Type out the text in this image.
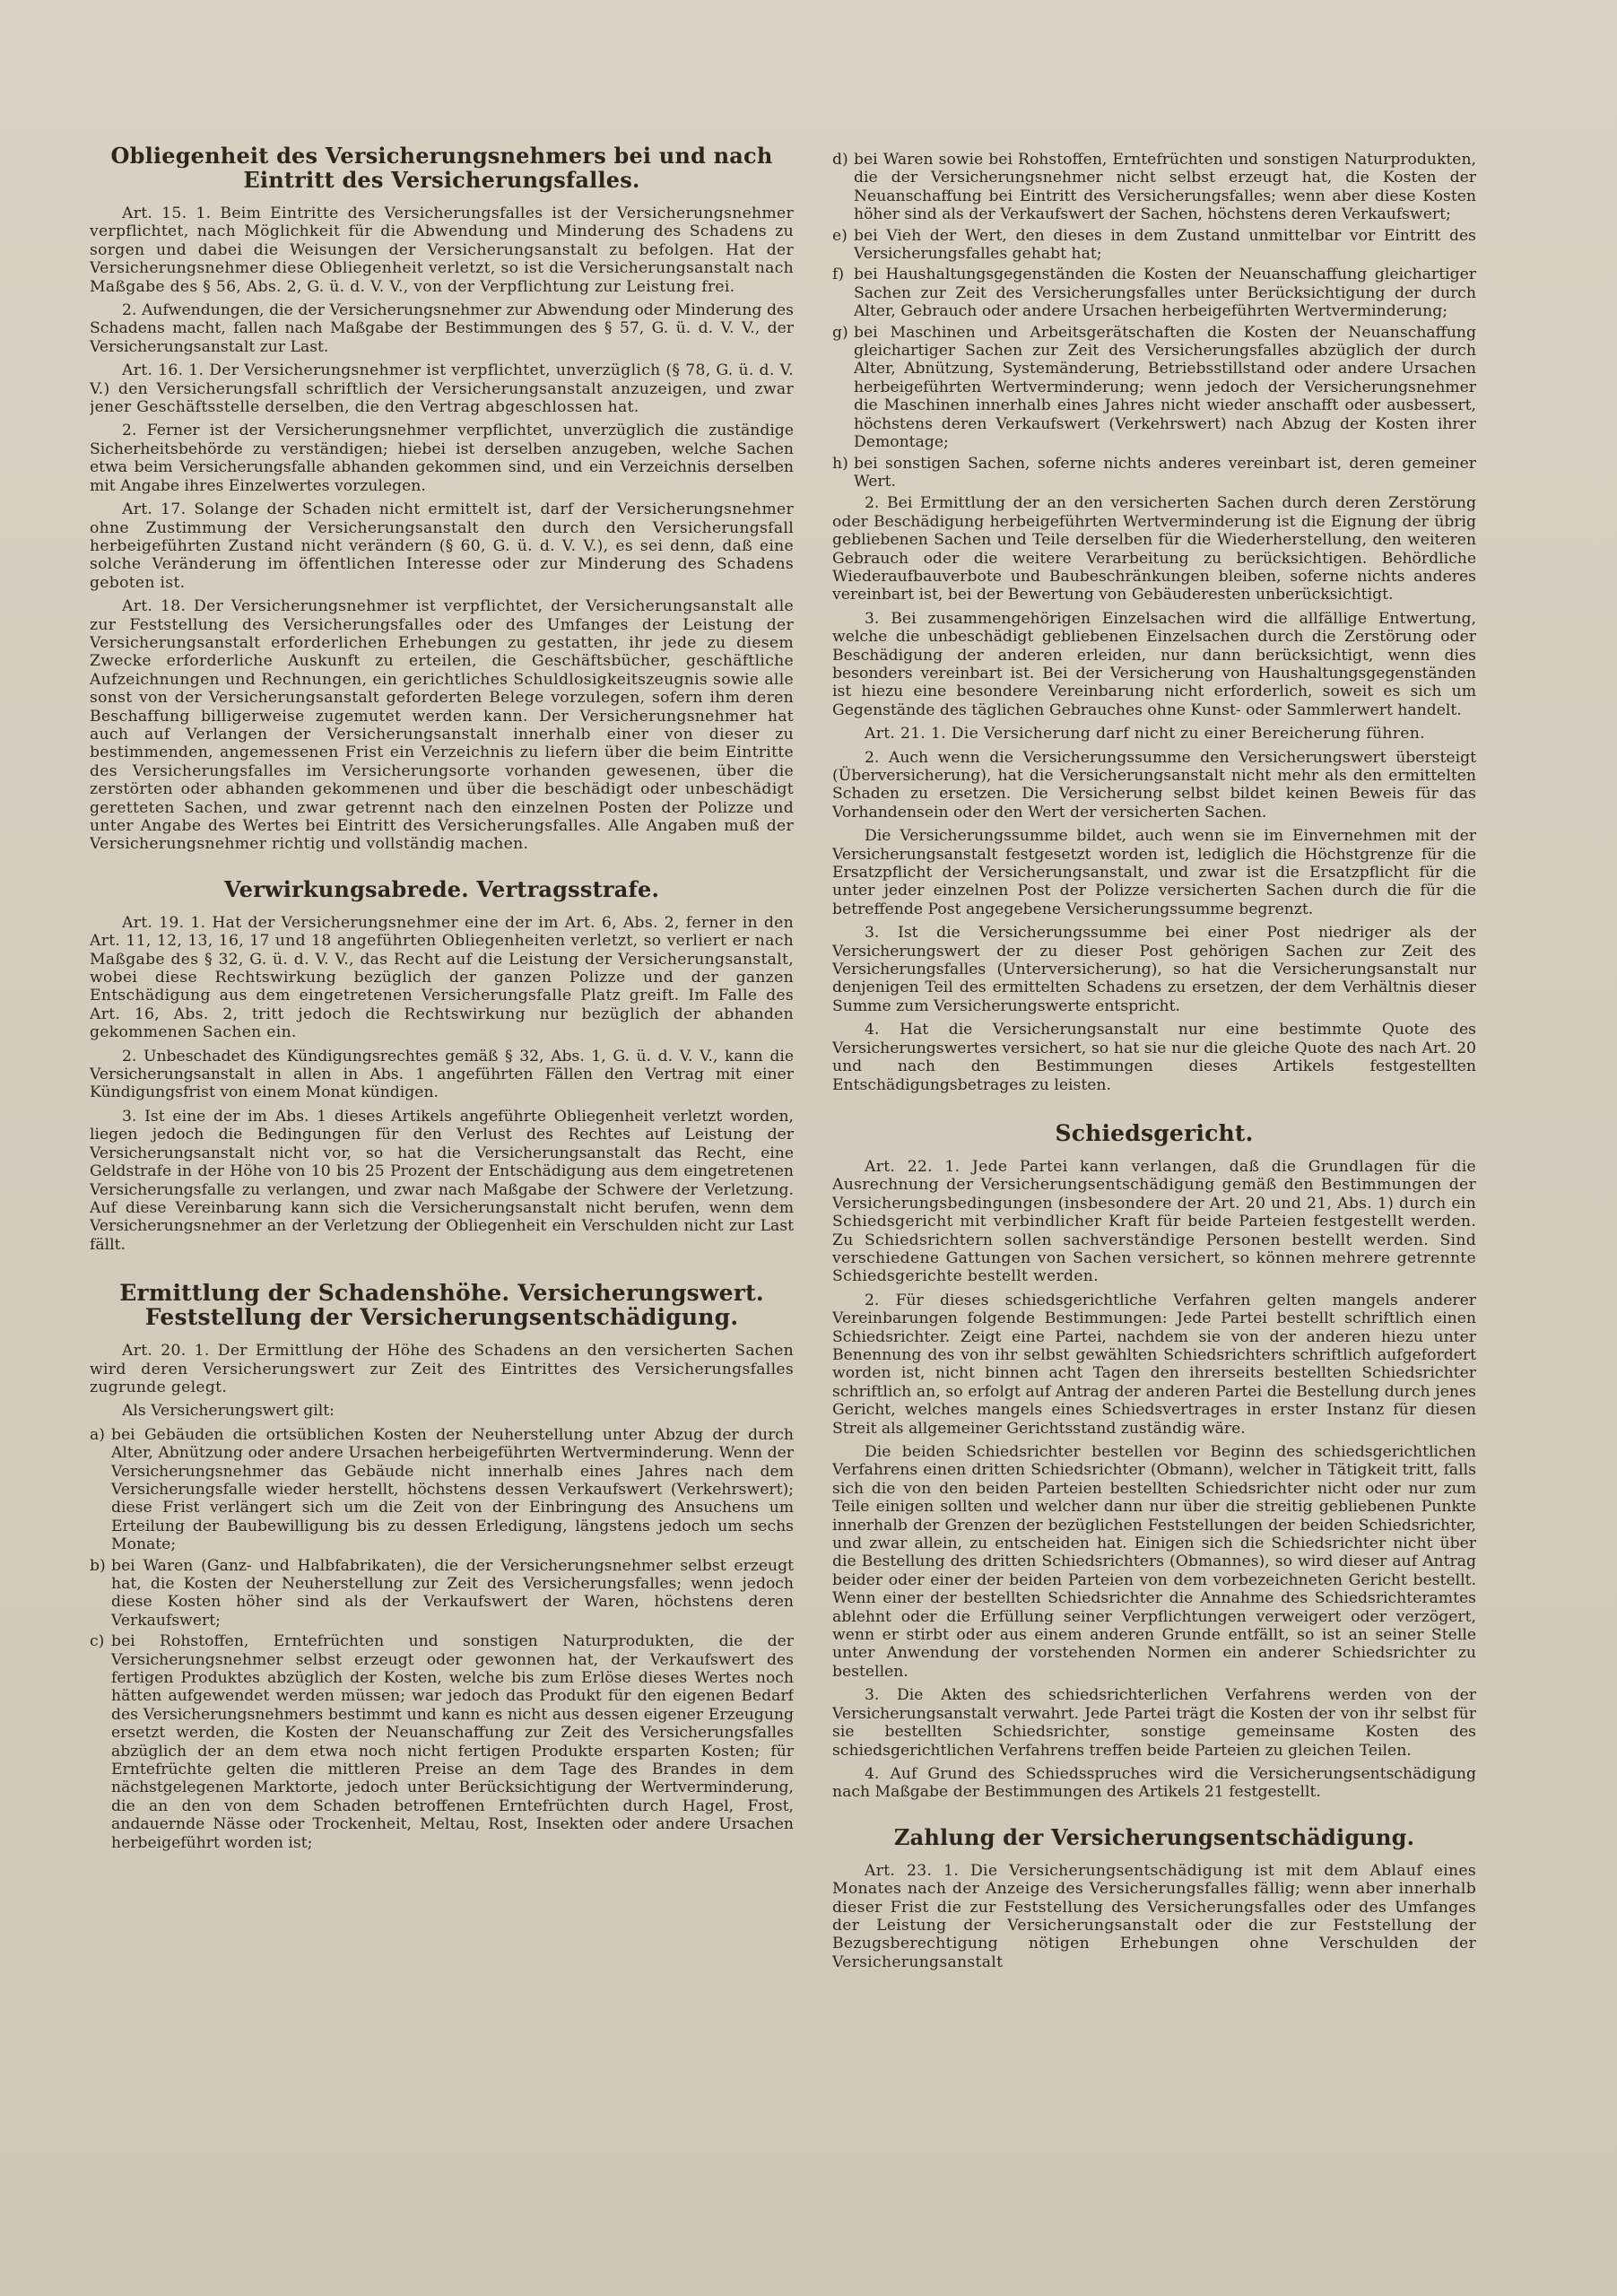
Obliegenheit des Versicherungsnehmers bei und nach Eintritt des Versicherungsfalles.

Art. 15. 1. Beim Eintritte des Versicherungsfalles ist der Versicherungsnehmer verpflichtet, nach Möglichkeit für die Abwendung und Minderung des Schadens zu sorgen und dabei die Weisungen der Versicherungsanstalt zu befolgen. Hat der Versicherungsnehmer diese Obliegenheit verletzt, so ist die Versicherungsanstalt nach Maßgabe des § 56, Abs. 2, G. ü. d. V. V., von der Verpflichtung zur Leistung frei.

2. Aufwendungen, die der Versicherungsnehmer zur Abwendung oder Minderung des Schadens macht, fallen nach Maßgabe der Bestimmungen des § 57, G. ü. d. V. V., der Versicherungsanstalt zur Last.

Art. 16. 1. Der Versicherungsnehmer ist verpflichtet, unverzüglich (§ 78, G. ü. d. V. V.) den Versicherungsfall schriftlich der Versicherungsanstalt anzuzeigen, und zwar jener Geschäftsstelle derselben, die den Vertrag abgeschlossen hat.

2. Ferner ist der Versicherungsnehmer verpflichtet, unverzüglich die zuständige Sicherheitsbehörde zu verständigen; hiebei ist derselben anzugeben, welche Sachen etwa beim Versicherungsfalle abhanden gekommen sind, und ein Verzeichnis derselben mit Angabe ihres Einzelwertes vorzulegen.

Art. 17. Solange der Schaden nicht ermittelt ist, darf der Versicherungsnehmer ohne Zustimmung der Versicherungsanstalt den durch den Versicherungsfall herbeigeführten Zustand nicht verändern (§ 60, G. ü. d. V. V.), es sei denn, daß eine solche Veränderung im öffentlichen Interesse oder zur Minderung des Schadens geboten ist.

Art. 18. Der Versicherungsnehmer ist verpflichtet, der Versicherungsanstalt alle zur Feststellung des Versicherungsfalles oder des Umfanges der Leistung der Versicherungsanstalt erforderlichen Erhebungen zu gestatten, ihr jede zu diesem Zwecke erforderliche Auskunft zu erteilen, die Geschäftsbücher, geschäftliche Aufzeichnungen und Rechnungen, ein gerichtliches Schuldlosigkeitszeugnis sowie alle sonst von der Versicherungsanstalt geforderten Belege vorzulegen, sofern ihm deren Beschaffung billigerweise zugemutet werden kann. Der Versicherungsnehmer hat auch auf Verlangen der Versicherungsanstalt innerhalb einer von dieser zu bestimmenden, angemessenen Frist ein Verzeichnis zu liefern über die beim Eintritte des Versicherungsfalles im Versicherungsorte vorhanden gewesenen, über die zerstörten oder abhanden gekommenen und über die beschädigt oder unbeschädigt geretteten Sachen, und zwar getrennt nach den einzelnen Posten der Polizze und unter Angabe des Wertes bei Eintritt des Versicherungsfalles. Alle Angaben muß der Versicherungsnehmer richtig und vollständig machen.

Verwirkungsabrede. Vertragsstrafe.

Art. 19. 1. Hat der Versicherungsnehmer eine der im Art. 6, Abs. 2, ferner in den Art. 11, 12, 13, 16, 17 und 18 angeführten Obliegenheiten verletzt, so verliert er nach Maßgabe des § 32, G. ü. d. V. V., das Recht auf die Leistung der Versicherungsanstalt, wobei diese Rechtswirkung bezüglich der ganzen Polizze und der ganzen Entschädigung aus dem eingetretenen Versicherungsfalle Platz greift. Im Falle des Art. 16, Abs. 2, tritt jedoch die Rechtswirkung nur bezüglich der abhanden gekommenen Sachen ein.

2. Unbeschadet des Kündigungsrechtes gemäß § 32, Abs. 1, G. ü. d. V. V., kann die Versicherungsanstalt in allen in Abs. 1 angeführten Fällen den Vertrag mit einer Kündigungsfrist von einem Monat kündigen.

3. Ist eine der im Abs. 1 dieses Artikels angeführte Obliegenheit verletzt worden, liegen jedoch die Bedingungen für den Verlust des Rechtes auf Leistung der Versicherungsanstalt nicht vor, so hat die Versicherungsanstalt das Recht, eine Geldstrafe in der Höhe von 10 bis 25 Prozent der Entschädigung aus dem eingetretenen Versicherungsfalle zu verlangen, und zwar nach Maßgabe der Schwere der Verletzung. Auf diese Vereinbarung kann sich die Versicherungsanstalt nicht berufen, wenn dem Versicherungsnehmer an der Verletzung der Obliegenheit ein Verschulden nicht zur Last fällt.

Ermittlung der Schadenshöhe. Versicherungswert. Feststellung der Versicherungsentschädigung.

Art. 20. 1. Der Ermittlung der Höhe des Schadens an den versicherten Sachen wird deren Versicherungswert zur Zeit des Eintrittes des Versicherungsfalles zugrunde gelegt.

Als Versicherungswert gilt:

a) bei Gebäuden die ortsüblichen Kosten der Neuherstellung unter Abzug der durch Alter, Abnützung oder andere Ursachen herbeigeführten Wertverminderung. Wenn der Versicherungsnehmer das Gebäude nicht innerhalb eines Jahres nach dem Versicherungsfalle wieder herstellt, höchstens dessen Verkaufswert (Verkehrswert); diese Frist verlängert sich um die Zeit von der Einbringung des Ansuchens um Erteilung der Baubewilligung bis zu dessen Erledigung, längstens jedoch um sechs Monate;
b) bei Waren (Ganz- und Halbfabrikaten), die der Versicherungsnehmer selbst erzeugt hat, die Kosten der Neuherstellung zur Zeit des Versicherungsfalles; wenn jedoch diese Kosten höher sind als der Verkaufswert der Waren, höchstens deren Verkaufswert;
c) bei Rohstoffen, Erntefrüchten und sonstigen Naturprodukten, die der Versicherungsnehmer selbst erzeugt oder gewonnen hat, der Verkaufswert des fertigen Produktes abzüglich der Kosten, welche bis zum Erlöse dieses Wertes noch hätten aufgewendet werden müssen; war jedoch das Produkt für den eigenen Bedarf des Versicherungsnehmers bestimmt und kann es nicht aus dessen eigener Erzeugung ersetzt werden, die Kosten der Neuanschaffung zur Zeit des Versicherungsfalles abzüglich der an dem etwa noch nicht fertigen Produkte ersparten Kosten; für Erntefrüchte gelten die mittleren Preise an dem Tage des Brandes in dem nächstgelegenen Marktorte, jedoch unter Berücksichtigung der Wertverminderung, die an den von dem Schaden betroffenen Erntefrüchten durch Hagel, Frost, andauernde Nässe oder Trockenheit, Meltau, Rost, Insekten oder andere Ursachen herbeigeführt worden ist;
d) bei Waren sowie bei Rohstoffen, Erntefrüchten und sonstigen Naturprodukten, die der Versicherungsnehmer nicht selbst erzeugt hat, die Kosten der Neuanschaffung bei Eintritt des Versicherungsfalles; wenn aber diese Kosten höher sind als der Verkaufswert der Sachen, höchstens deren Verkaufswert;
e) bei Vieh der Wert, den dieses in dem Zustand unmittelbar vor Eintritt des Versicherungsfalles gehabt hat;
f) bei Haushaltungsgegenständen die Kosten der Neuanschaffung gleichartiger Sachen zur Zeit des Versicherungsfalles unter Berücksichtigung der durch Alter, Gebrauch oder andere Ursachen herbeigeführten Wertverminderung;
g) bei Maschinen und Arbeitsgerätschaften die Kosten der Neuanschaffung gleichartiger Sachen zur Zeit des Versicherungsfalles abzüglich der durch Alter, Abnützung, Systemänderung, Betriebsstillstand oder andere Ursachen herbeigeführten Wertverminderung; wenn jedoch der Versicherungsnehmer die Maschinen innerhalb eines Jahres nicht wieder anschafft oder ausbessert, höchstens deren Verkaufswert (Verkehrswert) nach Abzug der Kosten ihrer Demontage;
h) bei sonstigen Sachen, soferne nichts anderes vereinbart ist, deren gemeiner Wert.

2. Bei Ermittlung der an den versicherten Sachen durch deren Zerstörung oder Beschädigung herbeigeführten Wertverminderung ist die Eignung der übrig gebliebenen Sachen und Teile derselben für die Wiederherstellung, den weiteren Gebrauch oder die weitere Verarbeitung zu berücksichtigen. Behördliche Wiederaufbauverbote und Baubeschränkungen bleiben, soferne nichts anderes vereinbart ist, bei der Bewertung von Gebäuderesten unberücksichtigt.

3. Bei zusammengehörigen Einzelsachen wird die allfällige Entwertung, welche die unbeschädigt gebliebenen Einzelsachen durch die Zerstörung oder Beschädigung der anderen erleiden, nur dann berücksichtigt, wenn dies besonders vereinbart ist. Bei der Versicherung von Haushaltungsgegenständen ist hiezu eine besondere Vereinbarung nicht erforderlich, soweit es sich um Gegenstände des täglichen Gebrauches ohne Kunst- oder Sammlerwert handelt.

Art. 21. 1. Die Versicherung darf nicht zu einer Bereicherung führen.

2. Auch wenn die Versicherungssumme den Versicherungswert übersteigt (Überversicherung), hat die Versicherungsanstalt nicht mehr als den ermittelten Schaden zu ersetzen. Die Versicherung selbst bildet keinen Beweis für das Vorhandensein oder den Wert der versicherten Sachen.

Die Versicherungssumme bildet, auch wenn sie im Einvernehmen mit der Versicherungsanstalt festgesetzt worden ist, lediglich die Höchstgrenze für die Ersatzpflicht der Versicherungsanstalt, und zwar ist die Ersatzpflicht für die unter jeder einzelnen Post der Polizze versicherten Sachen durch die für die betreffende Post angegebene Versicherungssumme begrenzt.

3. Ist die Versicherungssumme bei einer Post niedriger als der Versicherungswert der zu dieser Post gehörigen Sachen zur Zeit des Versicherungsfalles (Unterversicherung), so hat die Versicherungsanstalt nur denjenigen Teil des ermittelten Schadens zu ersetzen, der dem Verhältnis dieser Summe zum Versicherungswerte entspricht.

4. Hat die Versicherungsanstalt nur eine bestimmte Quote des Versicherungswertes versichert, so hat sie nur die gleiche Quote des nach Art. 20 und nach den Bestimmungen dieses Artikels festgestellten Entschädigungsbetrages zu leisten.

Schiedsgericht.

Art. 22. 1. Jede Partei kann verlangen, daß die Grundlagen für die Ausrechnung der Versicherungsentschädigung gemäß den Bestimmungen der Versicherungsbedingungen (insbesondere der Art. 20 und 21, Abs. 1) durch ein Schiedsgericht mit verbindlicher Kraft für beide Parteien festgestellt werden. Zu Schiedsrichtern sollen sachverständige Personen bestellt werden. Sind verschiedene Gattungen von Sachen versichert, so können mehrere getrennte Schiedsgerichte bestellt werden.

2. Für dieses schiedsgerichtliche Verfahren gelten mangels anderer Vereinbarungen folgende Bestimmungen: Jede Partei bestellt schriftlich einen Schiedsrichter. Zeigt eine Partei, nachdem sie von der anderen hiezu unter Benennung des von ihr selbst gewählten Schiedsrichters schriftlich aufgefordert worden ist, nicht binnen acht Tagen den ihrerseits bestellten Schiedsrichter schriftlich an, so erfolgt auf Antrag der anderen Partei die Bestellung durch jenes Gericht, welches mangels eines Schiedsvertrages in erster Instanz für diesen Streit als allgemeiner Gerichtsstand zuständig wäre.

Die beiden Schiedsrichter bestellen vor Beginn des schiedsgerichtlichen Verfahrens einen dritten Schiedsrichter (Obmann), welcher in Tätigkeit tritt, falls sich die von den beiden Parteien bestellten Schiedsrichter nicht oder nur zum Teile einigen sollten und welcher dann nur über die streitig gebliebenen Punkte innerhalb der Grenzen der bezüglichen Feststellungen der beiden Schiedsrichter, und zwar allein, zu entscheiden hat. Einigen sich die Schiedsrichter nicht über die Bestellung des dritten Schiedsrichters (Obmannes), so wird dieser auf Antrag beider oder einer der beiden Parteien von dem vorbezeichneten Gericht bestellt. Wenn einer der bestellten Schiedsrichter die Annahme des Schiedsrichteramtes ablehnt oder die Erfüllung seiner Verpflichtungen verweigert oder verzögert, wenn er stirbt oder aus einem anderen Grunde entfällt, so ist an seiner Stelle unter Anwendung der vorstehenden Normen ein anderer Schiedsrichter zu bestellen.

3. Die Akten des schiedsrichterlichen Verfahrens werden von der Versicherungsanstalt verwahrt. Jede Partei trägt die Kosten der von ihr selbst für sie bestellten Schiedsrichter, sonstige gemeinsame Kosten des schiedsgerichtlichen Verfahrens treffen beide Parteien zu gleichen Teilen.

4. Auf Grund des Schiedsspruches wird die Versicherungsentschädigung nach Maßgabe der Bestimmungen des Artikels 21 festgestellt.

Zahlung der Versicherungsentschädigung.

Art. 23. 1. Die Versicherungsentschädigung ist mit dem Ablauf eines Monates nach der Anzeige des Versicherungsfalles fällig; wenn aber innerhalb dieser Frist die zur Feststellung des Versicherungsfalles oder des Umfanges der Leistung der Versicherungsanstalt oder die zur Feststellung der Bezugsberechtigung nötigen Erhebungen ohne Verschulden der Versicherungsanstalt
